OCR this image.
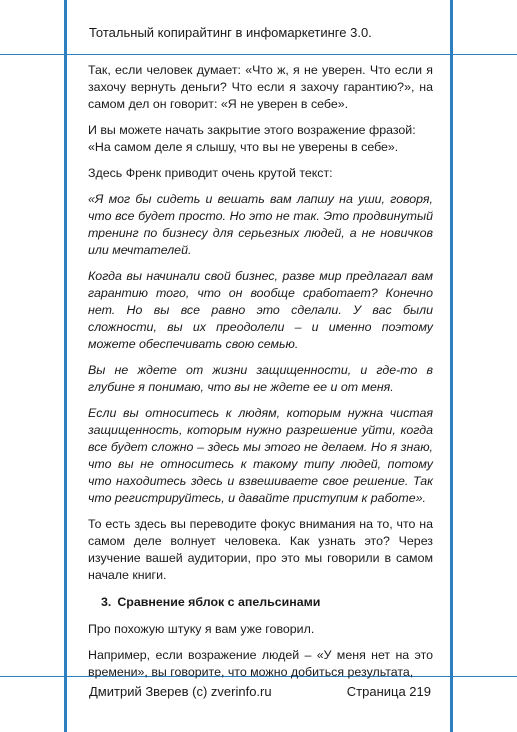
Тотальный копирайтинг в инфомаркетинге 3.0.

Так, если человек думает: «Что ж, я не уверен. Что если я захочу вернуть деньги? Что если я захочу гарантию?», на самом дел он говорит: «Я не уверен в себе».

И вы можете начать закрытие этого возражение фразой: «На самом деле я слышу, что вы не уверены в себе».

Здесь Френк приводит очень крутой текст:

«Я мог бы сидеть и вешать вам лапшу на уши, говоря, что все будет просто. Но это не так. Это продвинутый тренинг по бизнесу для серьезных людей, а не новичков или мечтателей.

Когда вы начинали свой бизнес, разве мир предлагал вам гарантию того, что он вообще сработает? Конечно нет. Но вы все равно это сделали. У вас были сложности, вы их преодолели – и именно поэтому можете обеспечивать свою семью.

Вы не ждете от жизни защищенности, и где-то в глубине я понимаю, что вы не ждете ее и от меня.

Если вы относитесь к людям, которым нужна чистая защищенность, которым нужно разрешение уйти, когда все будет сложно – здесь мы этого не делаем. Но я знаю, что вы не относитесь к такому типу людей, потому что находитесь здесь и взвешиваете свое решение. Так что регистрируйтесь, и давайте приступим к работе».

То есть здесь вы переводите фокус внимания на то, что на самом деле волнует человека. Как узнать это? Через изучение вашей аудитории, про это мы говорили в самом начале книги.

3. Сравнение яблок с апельсинами

Про похожую штуку я вам уже говорил.

Например, если возражение людей – «У меня нет на это времени», вы говорите, что можно добиться результата,

Дмитрий Зверев (с) zverinfo.ru	Страница 219
